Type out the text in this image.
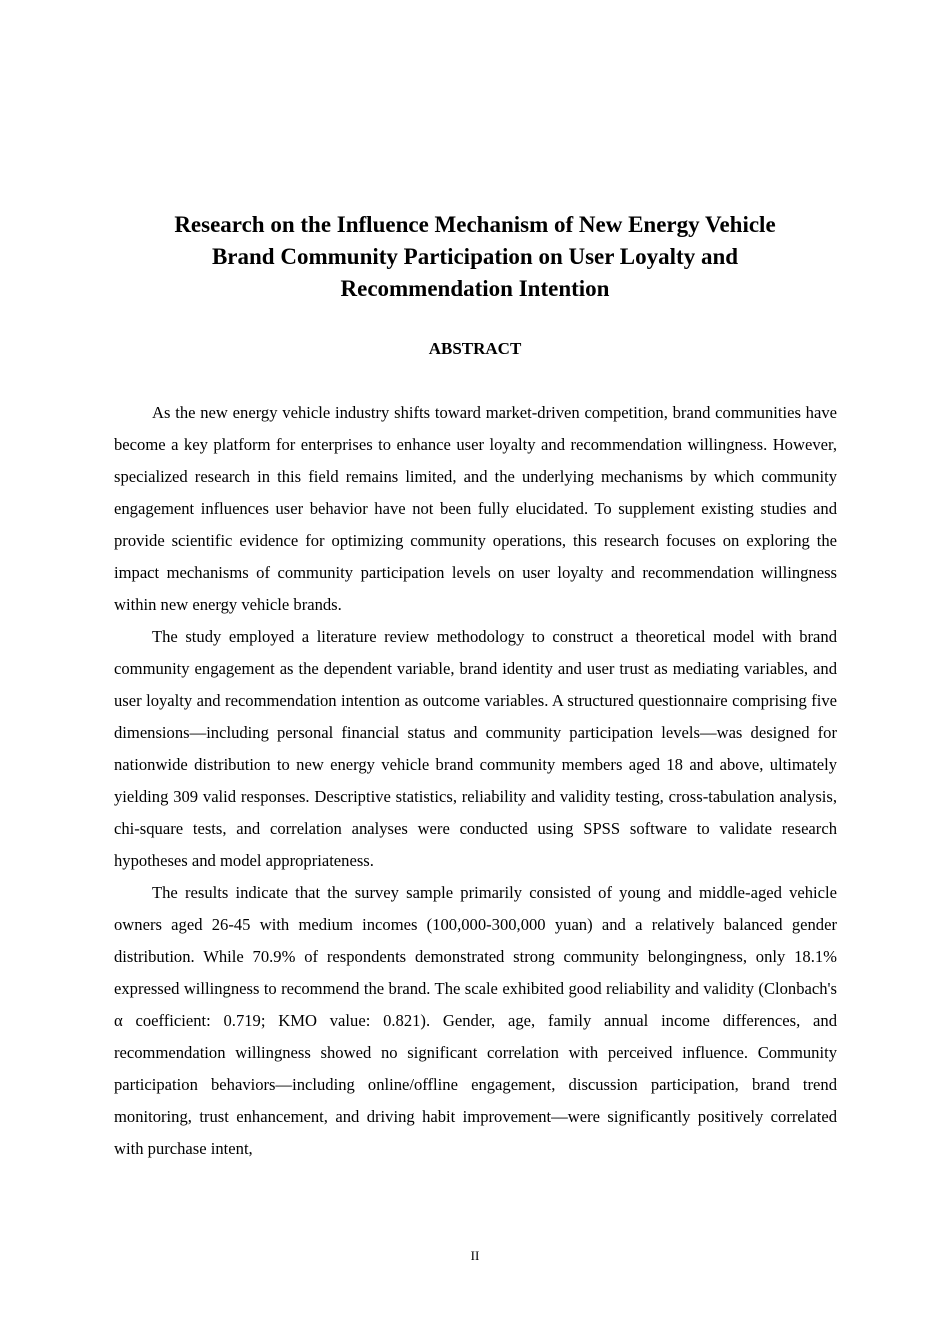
Research on the Influence Mechanism of New Energy Vehicle
Brand Community Participation on User Loyalty and
Recommendation Intention
ABSTRACT

As the new energy vehicle industry shifts toward market-driven competition, brand communities have become a key platform for enterprises to enhance user loyalty and recommendation willingness. However, specialized research in this field remains limited, and the underlying mechanisms by which community engagement influences user behavior have not been fully elucidated. To supplement existing studies and provide scientific evidence for optimizing community operations, this research focuses on exploring the impact mechanisms of community participation levels on user loyalty and recommendation willingness within new energy vehicle brands.

The study employed a literature review methodology to construct a theoretical model with brand community engagement as the dependent variable, brand identity and user trust as mediating variables, and user loyalty and recommendation intention as outcome variables. A structured questionnaire comprising five dimensions—including personal financial status and community participation levels—was designed for nationwide distribution to new energy vehicle brand community members aged 18 and above, ultimately yielding 309 valid responses. Descriptive statistics, reliability and validity testing, cross-tabulation analysis, chi-square tests, and correlation analyses were conducted using SPSS software to validate research hypotheses and model appropriateness.

The results indicate that the survey sample primarily consisted of young and middle-aged vehicle owners aged 26-45 with medium incomes (100,000-300,000 yuan) and a relatively balanced gender distribution. While 70.9% of respondents demonstrated strong community belongingness, only 18.1% expressed willingness to recommend the brand. The scale exhibited good reliability and validity (Clonbach's α coefficient: 0.719; KMO value: 0.821). Gender, age, family annual income differences, and recommendation willingness showed no significant correlation with perceived influence. Community participation behaviors—including online/offline engagement, discussion participation, brand trend monitoring, trust enhancement, and driving habit improvement—were significantly positively correlated with purchase intent,

II
